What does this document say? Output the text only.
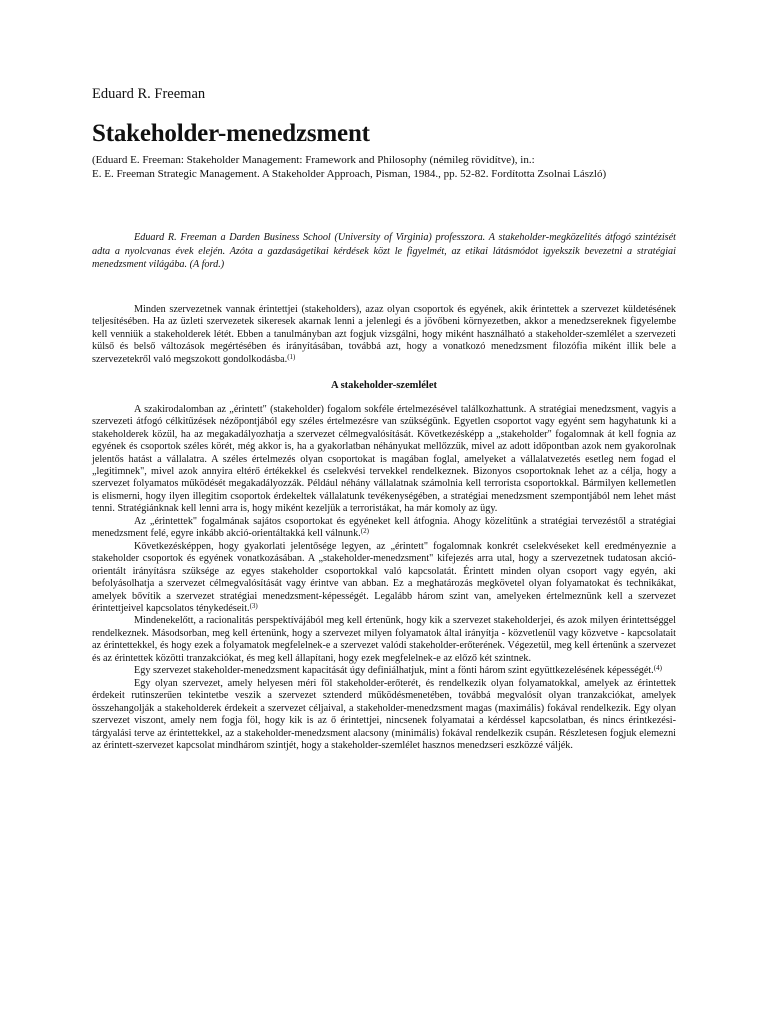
Eduard R. Freeman
Stakeholder-menedzsment
(Eduard E. Freeman: Stakeholder Management: Framework and Philosophy (némileg rövidítve), in.:
E. E. Freeman Strategic Management. A Stakeholder Approach, Pisman, 1984., pp. 52-82. Fordította Zsolnai László)

Eduard R. Freeman a Darden Business School (University of Virginia) professzora. A stakeholder-megközelítés átfogó szintézisét adta a nyolcvanas évek elején. Azóta a gazdaságetikai kérdések közt le figyelmét, az etikai látásmódot igyekszik bevezetni a stratégiai menedzsment világába. (A ford.)

Minden szervezetnek vannak érintettjei (stakeholders), azaz olyan csoportok és egyének, akik érintettek a szervezet küldetésének teljesítésében. Ha az üzleti szervezetek sikeresek akarnak lenni a jelenlegi és a jövőbeni környezetben, akkor a menedzsereknek figyelembe kell venniük a stakeholderek létét. Ebben a tanulmányban azt fogjuk vizsgálni, hogy miként használható a stakeholder-szemlélet a szervezeti külső és belső változások megértésében és irányításában, továbbá azt, hogy a vonatkozó menedzsment filozófia miként illik bele a szervezetekről való megszokott gondolkodásba.$^{(1)}$

A stakeholder-szemlélet

A szakirodalomban az „érintett" (stakeholder) fogalom sokféle értelmezésével találkozhattunk. A stratégiai menedzsment, vagyis a szervezeti átfogó célkitűzések nézőpontjából egy széles értelmezésre van szükségünk. Egyetlen csoportot vagy egyént sem hagyhatunk ki a stakeholderek közül, ha az megakadályozhatja a szervezet célmegvalósítását. Következésképp a „stakeholder" fogalomnak át kell fognia az egyének és csoportok széles körét, még akkor is, ha a gyakorlatban néhányukat mellőzzük, mivel az adott időpontban azok nem gyakorolnak jelentős hatást a vállalatra. A széles értelmezés olyan csoportokat is magában foglal, amelyeket a vállalatvezetés esetleg nem fogad el „legitimnek", mivel azok annyira eltérő értékekkel és cselekvési tervekkel rendelkeznek. Bizonyos csoportoknak lehet az a célja, hogy a szervezet folyamatos működését megakadályozzák. Például néhány vállalatnak számolnia kell terrorista csoportokkal. Bármilyen kellemetlen is elismerni, hogy ilyen illegitim csoportok érdekeltek vállalatunk tevékenységében, a stratégiai menedzsment szempontjából nem lehet mást tenni. Stratégiánknak kell lenni arra is, hogy miként kezeljük a terroristákat, ha már komoly az ügy.

Az „érintettek" fogalmának sajátos csoportokat és egyéneket kell átfognia. Ahogy közelítünk a stratégiai tervezéstől a stratégiai menedzsment felé, egyre inkább akció-orientáltakká kell válnunk.$^{(2)}$

Következésképpen, hogy gyakorlati jelentősége legyen, az „érintett" fogalomnak konkrét cselekvéseket kell eredményeznie a stakeholder csoportok és egyének vonatkozásában. A „stakeholder-menedzsment" kifejezés arra utal, hogy a szervezetnek tudatosan akció-orientált irányításra szüksége az egyes stakeholder csoportokkal való kapcsolatát. Érintett minden olyan csoport vagy egyén, aki befolyásolhatja a szervezet célmegvalósítását vagy érintve van abban. Ez a meghatározás megkövetel olyan folyamatokat és technikákat, amelyek bővítik a szervezet stratégiai menedzsment-képességét. Legalább három szint van, amelyeken értelmeznünk kell a szervezet érintettjeivel kapcsolatos ténykedéseit.$^{(3)}$

Mindenekelőtt, a racionalitás perspektívájából meg kell értenünk, hogy kik a szervezet stakeholderjei, és azok milyen érintettséggel rendelkeznek. Másodsorban, meg kell értenünk, hogy a szervezet milyen folyamatok által irányítja - közvetlenül vagy közvetve - kapcsolatait az érintettekkel, és hogy ezek a folyamatok megfelelnek-e a szervezet valódi stakeholder-erőterének. Végezetül, meg kell értenünk a szervezet és az érintettek közötti tranzakciókat, és meg kell állapítani, hogy ezek megfelelnek-e az előző két szintnek.

Egy szervezet stakeholder-menedzsment kapacitását úgy definiálhatjuk, mint a fönti három szint együttkezelésének képességét.$^{(4)}$

Egy olyan szervezet, amely helyesen méri föl stakeholder-erőterét, és rendelkezik olyan folyamatokkal, amelyek az érintettek érdekeit rutinszerűen tekintetbe veszik a szervezet sztenderd működésmenetében, továbbá megvalósít olyan tranzakciókat, amelyek összehangolják a stakeholderek érdekeit a szervezet céljaival, a stakeholder-menedzsment magas (maximális) fokával rendelkezik. Egy olyan szervezet viszont, amely nem fogja föl, hogy kik is az ő érintettjei, nincsenek folyamatai a kérdéssel kapcsolatban, és nincs érintkezési-tárgyalási terve az érintettekkel, az a stakeholder-menedzsment alacsony (minimális) fokával rendelkezik csupán. Részletesen fogjuk elemezni az érintett-szervezet kapcsolat mindhárom szintjét, hogy a stakeholder-szemlélet hasznos menedzseri eszközzé váljék.
